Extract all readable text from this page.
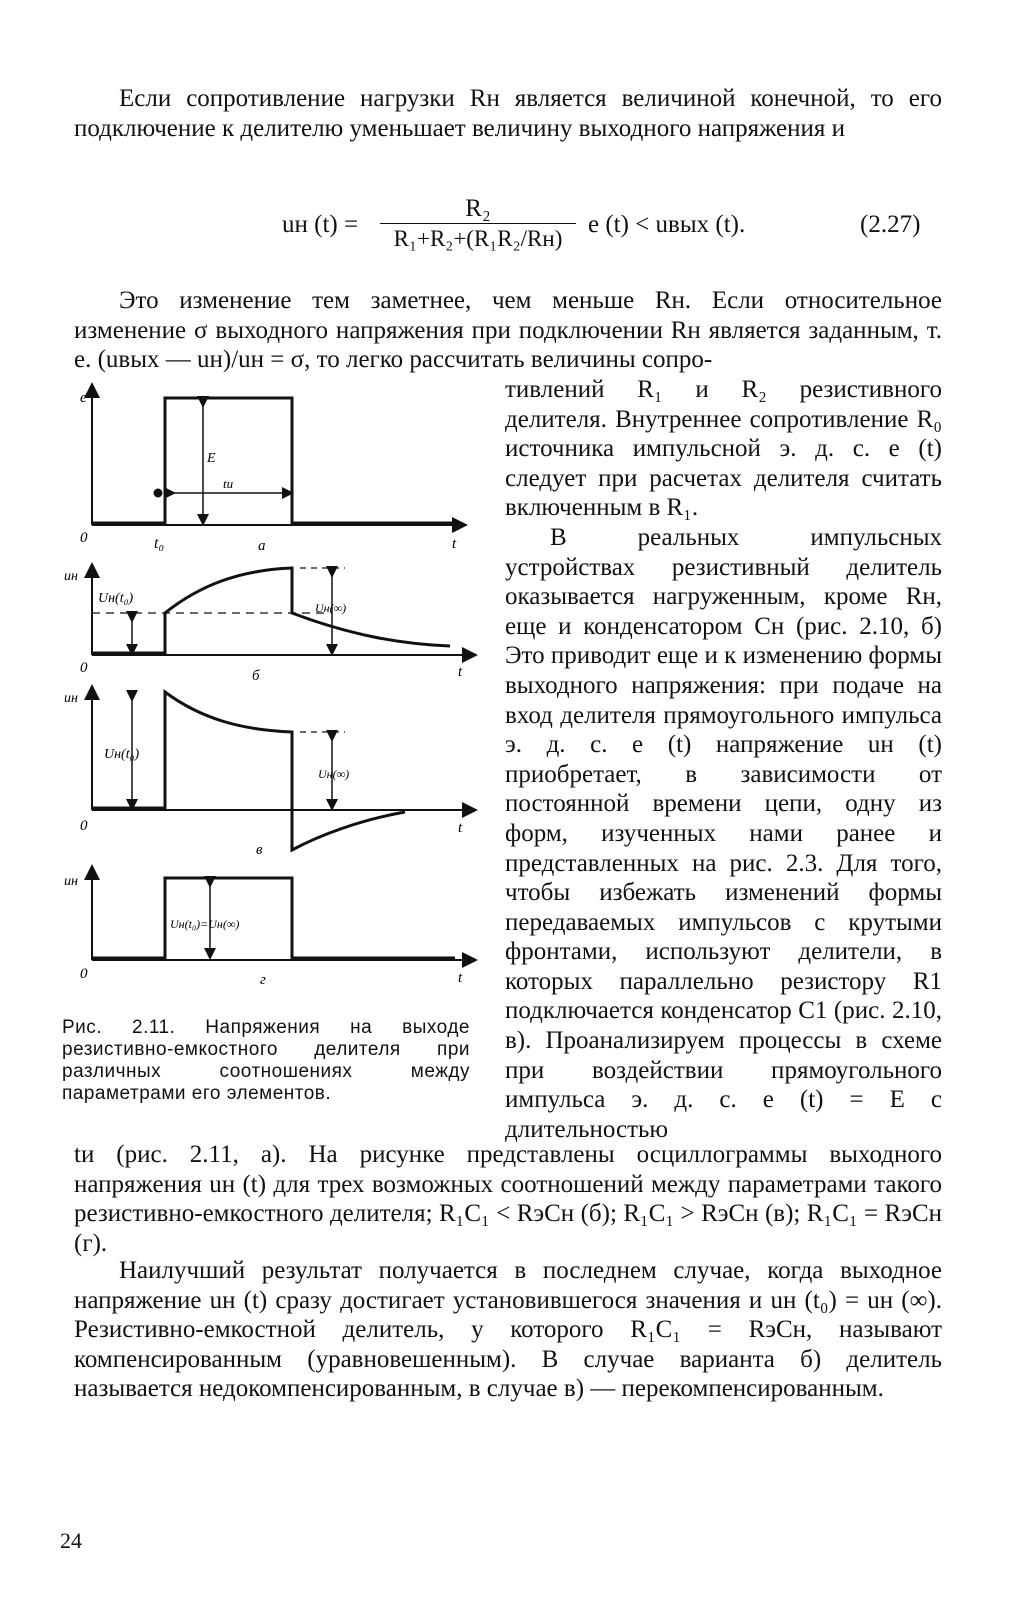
Если сопротивление нагрузки Rн является величиной конечной, то его подключение к делителю уменьшает величину выходного напряжения и

uн (t) =
R₂
R₁+R₂+(R₁R₂/Rн)
e (t) < uвых (t).	(2.27)

Это изменение тем заметнее, чем меньше Rн. Если относительное изменение σ выходного напряжения при подключении Rн является заданным, т. е. (uвых — uн)/uн = σ, то легко рассчитать величины сопро-

тивлений R₁ и R₂ резистивного делителя. Внутреннее сопротивление R₀ источника импульсной э. д. с. e (t) следует при расчетах делителя считать включенным в R₁.

В реальных импульсных устройствах резистивный делитель оказывается нагруженным, кроме Rн, еще и конденсатором Cн (рис. 2.10, б) Это приводит еще и к изменению формы выходного напряжения: при подаче на вход делителя прямоугольного импульса э. д. с. e (t) напряжение uн (t) приобретает, в зависимости от постоянной времени цепи, одну из форм, изученных нами ранее и представленных на рис. 2.3. Для того, чтобы избежать изменений формы передаваемых импульсов с крутыми фронтами, используют делители, в которых параллельно резистору R1 подключается конденсатор C1 (рис. 2.10, в). Проанализируем процессы в схеме при воздействии прямоугольного импульса э. д. с. e (t) = E с длительностью

e
0	t
E
tи
t₀	а
uн
0	t
Uн(t₀)
Uн(∞)
б
uн
0	t
Uн(t₀)
Uн(∞)
в
uн
0	t
Uн(t₀)=Uн(∞)
г

Рис. 2.11. Напряжения на выходе резистивно-емкостного делителя при различных соотношениях между параметрами его элементов.

tи (рис. 2.11, а). На рисунке представлены осциллограммы выходного напряжения uн (t) для трех возможных соотношений между параметрами такого резистивно-емкостного делителя; R₁C₁ < RэCн (б); R₁C₁ > RэCн (в); R₁C₁ = RэCн (г).

Наилучший результат получается в последнем случае, когда выходное напряжение uн (t) сразу достигает установившегося значения и uн (t₀) = uн (∞). Резистивно-емкостной делитель, у которого R₁C₁ = RэCн, называют компенсированным (уравновешенным). В случае варианта б) делитель называется недокомпенсированным, в случае в) — перекомпенсированным.

24
